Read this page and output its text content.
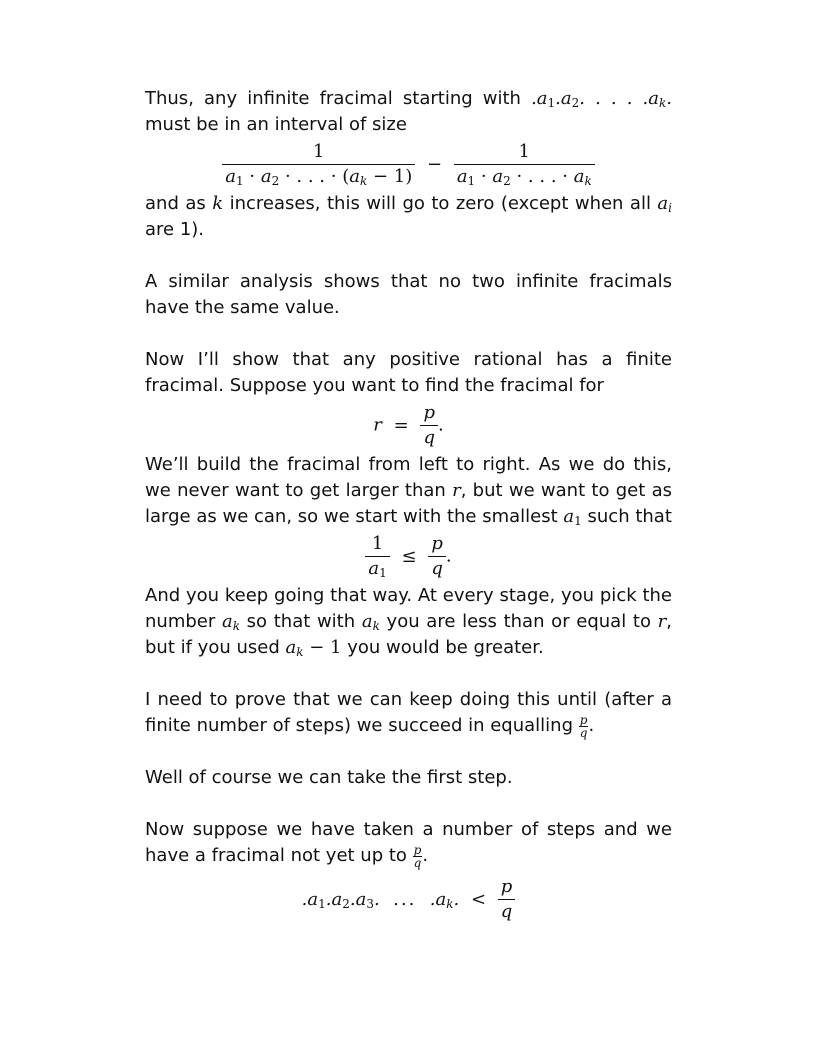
Thus, any infinite fracimal starting with $.a_1.a_2$. . . . $.a_k$. must be in an interval of size

$\frac{1}{a_1 \cdot a_2 \cdot . . . \cdot (a_k - 1)} - \frac{1}{a_1 \cdot a_2 \cdot . . . \cdot a_k}$

and as k increases, this will go to zero (except when all $a_i$ are 1).

A similar analysis shows that no two infinite fracimals have the same value.

Now I’ll show that any positive rational has a finite fracimal. Suppose you want to find the fracimal for

$r = \frac{p}{q}$ .

We’ll build the fracimal from left to right. As we do this, we never want to get larger than r, but we want to get as large as we can, so we start with the smallest $a_1$ such that

$\frac{1}{a_1} \le \frac{p}{q}$ .

And you keep going that way. At every stage, you pick the number $a_k$ so that with $a_k$ you are less than or equal to r, but if you used $a_k - 1$ you would be greater.

I need to prove that we can keep doing this until (after a finite number of steps) we succeed in equalling $\frac{p}{q}$ .

Well of course we can take the first step.

Now suppose we have taken a number of steps and we have a fracimal not yet up to $\frac{p}{q}$ .

$.a_1.a_2.a_3$.  ...  $.a_k$. < $\frac{p}{q}$
